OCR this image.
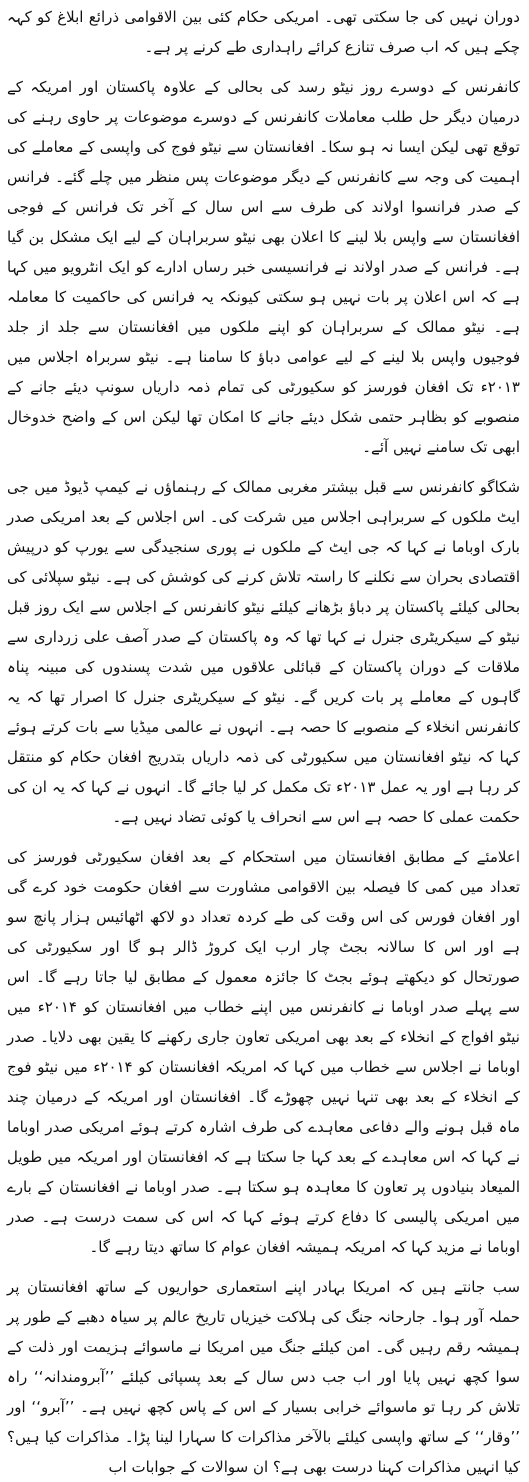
دوران نہیں کی جا سکتی تھی۔ امریکی حکام کئی بین الاقوامی ذرائع ابلاغ کو کہہ چکے ہیں کہ اب صرف تنازع کرائے راہداری طے کرنے پر ہے۔

کانفرنس کے دوسرے روز نیٹو رسد کی بحالی کے علاوہ پاکستان اور امریکہ کے درمیان دیگر حل طلب معاملات کانفرنس کے دوسرے موضوعات پر حاوی رہنے کی توقع تھی لیکن ایسا نہ ہو سکا۔ افغانستان سے نیٹو فوج کی واپسی کے معاملے کی اہمیت کی وجہ سے کانفرنس کے دیگر موضوعات پس منظر میں چلے گئے۔ فرانس کے صدر فرانسوا اولاند کی طرف سے اس سال کے آخر تک فرانس کے فوجی افغانستان سے واپس بلا لینے کا اعلان بھی نیٹو سربراہان کے لیے ایک مشکل بن گیا ہے۔ فرانس کے صدر اولاند نے فرانسیسی خبر رساں ادارے کو ایک انٹرویو میں کہا ہے کہ اس اعلان پر بات نہیں ہو سکتی کیونکہ یہ فرانس کی حاکمیت کا معاملہ ہے۔ نیٹو ممالک کے سربراہان کو اپنے ملکوں میں افغانستان سے جلد از جلد فوجیوں واپس بلا لینے کے لیے عوامی دباؤ کا سامنا ہے۔ نیٹو سربراہ اجلاس میں ۲۰۱۳ء تک افغان فورسز کو سکیورٹی کی تمام ذمہ داریاں سونپ دیئے جانے کے منصوبے کو بظاہر حتمی شکل دیئے جانے کا امکان تھا لیکن اس کے واضح خدوخال ابھی تک سامنے نہیں آئے۔

شکاگو کانفرنس سے قبل بیشتر مغربی ممالک کے رہنماؤں نے کیمپ ڈیوڈ میں جی ایٹ ملکوں کے سربراہی اجلاس میں شرکت کی۔ اس اجلاس کے بعد امریکی صدر بارک اوباما نے کہا کہ جی ایٹ کے ملکوں نے پوری سنجیدگی سے یورپ کو درپیش اقتصادی بحران سے نکلنے کا راستہ تلاش کرنے کی کوشش کی ہے۔ نیٹو سپلائی کی بحالی کیلئے پاکستان پر دباؤ بڑھانے کیلئے نیٹو کانفرنس کے اجلاس سے ایک روز قبل نیٹو کے سیکریٹری جنرل نے کہا تھا کہ وہ پاکستان کے صدر آصف علی زرداری سے ملاقات کے دوران پاکستان کے قبائلی علاقوں میں شدت پسندوں کی مبینہ پناہ گاہوں کے معاملے پر بات کریں گے۔ نیٹو کے سیکریٹری جنرل کا اصرار تھا کہ یہ کانفرنس انخلاء کے منصوبے کا حصہ ہے۔ انہوں نے عالمی میڈیا سے بات کرتے ہوئے کہا کہ نیٹو افغانستان میں سکیورٹی کی ذمہ داریاں بتدریج افغان حکام کو منتقل کر رہا ہے اور یہ عمل ۲۰۱۳ء تک مکمل کر لیا جائے گا۔ انہوں نے کہا کہ یہ ان کی حکمت عملی کا حصہ ہے اس سے انحراف یا کوئی تضاد نہیں ہے۔

اعلامئے کے مطابق افغانستان میں استحکام کے بعد افغان سکیورٹی فورسز کی تعداد میں کمی کا فیصلہ بین الاقوامی مشاورت سے افغان حکومت خود کرے گی اور افغان فورس کی اس وقت کی طے کردہ تعداد دو لاکھ اٹھائیس ہزار پانچ سو ہے اور اس کا سالانہ بجٹ چار ارب ایک کروڑ ڈالر ہو گا اور سکیورٹی کی صورتحال کو دیکھتے ہوئے بجٹ کا جائزہ معمول کے مطابق لیا جاتا رہے گا۔ اس سے پہلے صدر اوباما نے کانفرنس میں اپنے خطاب میں افغانستان کو ۲۰۱۴ء میں نیٹو افواج کے انخلاء کے بعد بھی امریکی تعاون جاری رکھنے کا یقین بھی دلایا۔ صدر اوباما نے اجلاس سے خطاب میں کہا کہ امریکہ افغانستان کو ۲۰۱۴ء میں نیٹو فوج کے انخلاء کے بعد بھی تنہا نہیں چھوڑے گا۔ افغانستان اور امریکہ کے درمیان چند ماہ قبل ہونے والے دفاعی معاہدے کی طرف اشارہ کرتے ہوئے امریکی صدر اوباما نے کہا کہ اس معاہدے کے بعد کہا جا سکتا ہے کہ افغانستان اور امریکہ میں طویل المیعاد بنیادوں پر تعاون کا معاہدہ ہو سکتا ہے۔ صدر اوباما نے افغانستان کے بارے میں امریکی پالیسی کا دفاع کرتے ہوئے کہا کہ اس کی سمت درست ہے۔ صدر اوباما نے مزید کہا کہ امریکہ ہمیشہ افغان عوام کا ساتھ دیتا رہے گا۔

سب جانتے ہیں کہ امریکا بہادر اپنے استعماری حواریوں کے ساتھ افغانستان پر حملہ آور ہوا۔ جارحانہ جنگ کی ہلاکت خیزیاں تاریخ عالم پر سیاہ دھبے کے طور پر ہمیشہ رقم رہیں گی۔ امن کیلئے جنگ میں امریکا نے ماسوائے ہزیمت اور ذلت کے سوا کچھ نہیں پایا اور اب جب دس سال کے بعد پسپائی کیلئے ’’آبرومندانہ‘‘ راہ تلاش کر رہا تو ماسوائے خرابی بسیار کے اس کے پاس کچھ نہیں ہے۔ ’’آبرو‘‘ اور ’’وقار‘‘ کے ساتھ واپسی کیلئے بالآخر مذاکرات کا سہارا لینا پڑا۔ مذاکرات کیا ہیں؟ کیا انہیں مذاکرات کہنا درست بھی ہے؟ ان سوالات کے جوابات اب
